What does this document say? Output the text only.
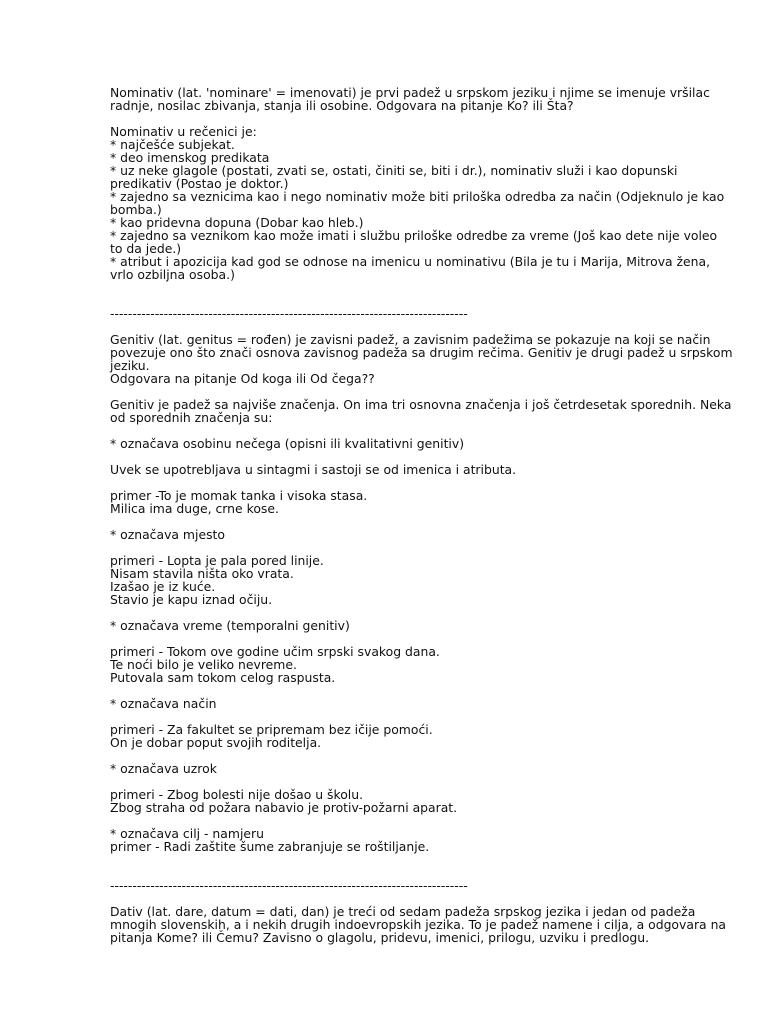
Nominativ (lat. 'nominare' = imenovati) je prvi padež u srpskom jeziku i njime se imenuje vršilac
radnje, nosilac zbivanja, stanja ili osobine. Odgovara na pitanje Ko? ili Šta?
Nominativ u rečenici je:
* najčešće subjekat.
* deo imenskog predikata
* uz neke glagole (postati, zvati se, ostati, činiti se, biti i dr.), nominativ služi i kao dopunski
predikativ (Postao je doktor.)
* zajedno sa veznicima kao i nego nominativ može biti priloška odredba za način (Odjeknulo je kao
bomba.)
* kao pridevna dopuna (Dobar kao hleb.)
* zajedno sa veznikom kao može imati i službu priloške odredbe za vreme (Još kao dete nije voleo
to da jede.)
* atribut i apozicija kad god se odnose na imenicu u nominativu (Bila je tu i Marija, Mitrova žena,
vrlo ozbiljna osoba.)
--------------------------------------------------------------------------------
Genitiv (lat. genitus = rođen) je zavisni padež, a zavisnim padežima se pokazuje na koji se način
povezuje ono što znači osnova zavisnog padeža sa drugim rečima. Genitiv je drugi padež u srpskom
jeziku.
Odgovara na pitanje Od koga ili Od čega??
Genitiv je padež sa najviše značenja. On ima tri osnovna značenja i još četrdesetak sporednih. Neka
od sporednih značenja su:
* označava osobinu nečega (opisni ili kvalitativni genitiv)
Uvek se upotrebljava u sintagmi i sastoji se od imenica i atributa.
primer -To je momak tanka i visoka stasa.
Milica ima duge, crne kose.
* označava mjesto
primeri - Lopta je pala pored linije.
Nisam stavila ništa oko vrata.
Izašao je iz kuće.
Stavio je kapu iznad očiju.
* označava vreme (temporalni genitiv)
primeri - Tokom ove godine učim srpski svakog dana.
Te noći bilo je veliko nevreme.
Putovala sam tokom celog raspusta.
* označava način
primeri - Za fakultet se pripremam bez ičije pomoći.
On je dobar poput svojih roditelja.
* označava uzrok
primeri - Zbog bolesti nije došao u školu.
Zbog straha od požara nabavio je protiv-požarni aparat.
* označava cilj - namjeru
primer - Radi zaštite šume zabranjuje se roštiljanje.
--------------------------------------------------------------------------------
Dativ (lat. dare, datum = dati, dan) je treći od sedam padeža srpskog jezika i jedan od padeža
mnogih slovenskih, a i nekih drugih indoevropskih jezika. To je padež namene i cilja, a odgovara na
pitanja Kome? ili Čemu? Zavisno o glagolu, pridevu, imenici, prilogu, uzviku i predlogu.
